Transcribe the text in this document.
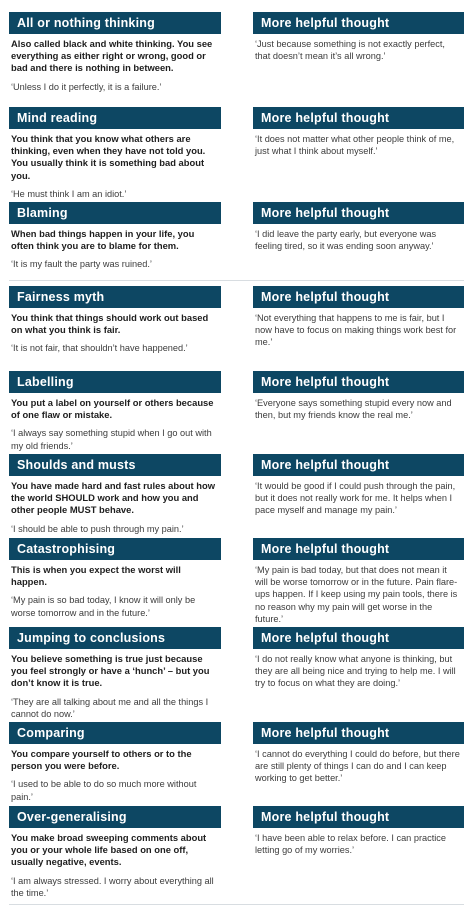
All or nothing thinking

Also called black and white thinking. You see everything as either right or wrong, good or bad and there is nothing in between.

‘Unless I do it perfectly, it is a failure.’

More helpful thought

‘Just because something is not exactly perfect, that doesn’t mean it’s all wrong.’

Mind reading

You think that you know what others are thinking, even when they have not told you. You usually think it is something bad about you.

‘He must think I am an idiot.’

More helpful thought

‘It does not matter what other people think of me, just what I think about myself.’

Blaming

When bad things happen in your life, you often think you are to blame for them.

‘It is my fault the party was ruined.’

More helpful thought

‘I did leave the party early, but everyone was feeling tired, so it was ending soon anyway.’

Fairness myth

You think that things should work out based on what you think is fair.

‘It is not fair, that shouldn’t have happened.’

More helpful thought

‘Not everything that happens to me is fair, but I now have to focus on making things work best for me.’

Labelling

You put a label on yourself or others because of one flaw or mistake.

‘I always say something stupid when I go out with my old friends.’

More helpful thought

‘Everyone says something stupid every now and then, but my friends know the real me.’

Shoulds and musts

You have made hard and fast rules about how the world SHOULD work and how you and other people MUST behave.

‘I should be able to push through my pain.’

More helpful thought

‘It would be good if I could push through the pain, but it does not really work for me. It helps when I pace myself and manage my pain.’

Catastrophising

This is when you expect the worst will happen.

‘My pain is so bad today, I know it will only be worse tomorrow and in the future.’

More helpful thought

‘My pain is bad today, but that does not mean it will be worse tomorrow or in the future. Pain flare-ups happen. If I keep using my pain tools, there is no reason why my pain will get worse in the future.’

Jumping to conclusions

You believe something is true just because you feel strongly or have a ‘hunch’ – but you don’t know it is true.

‘They are all talking about me and all the things I cannot do now.’

More helpful thought

‘I do not really know what anyone is thinking, but they are all being nice and trying to help me. I will try to focus on what they are doing.’

Comparing

You compare yourself to others or to the person you were before.

‘I used to be able to do so much more without pain.’

More helpful thought

‘I cannot do everything I could do before, but there are still plenty of things I can do and I can keep working to get better.’

Over-generalising

You make broad sweeping comments about you or your whole life based on one off, usually negative, events.

‘I am always stressed. I worry about everything all the time.’

More helpful thought

‘I have been able to relax before. I can practice letting go of my worries.’
